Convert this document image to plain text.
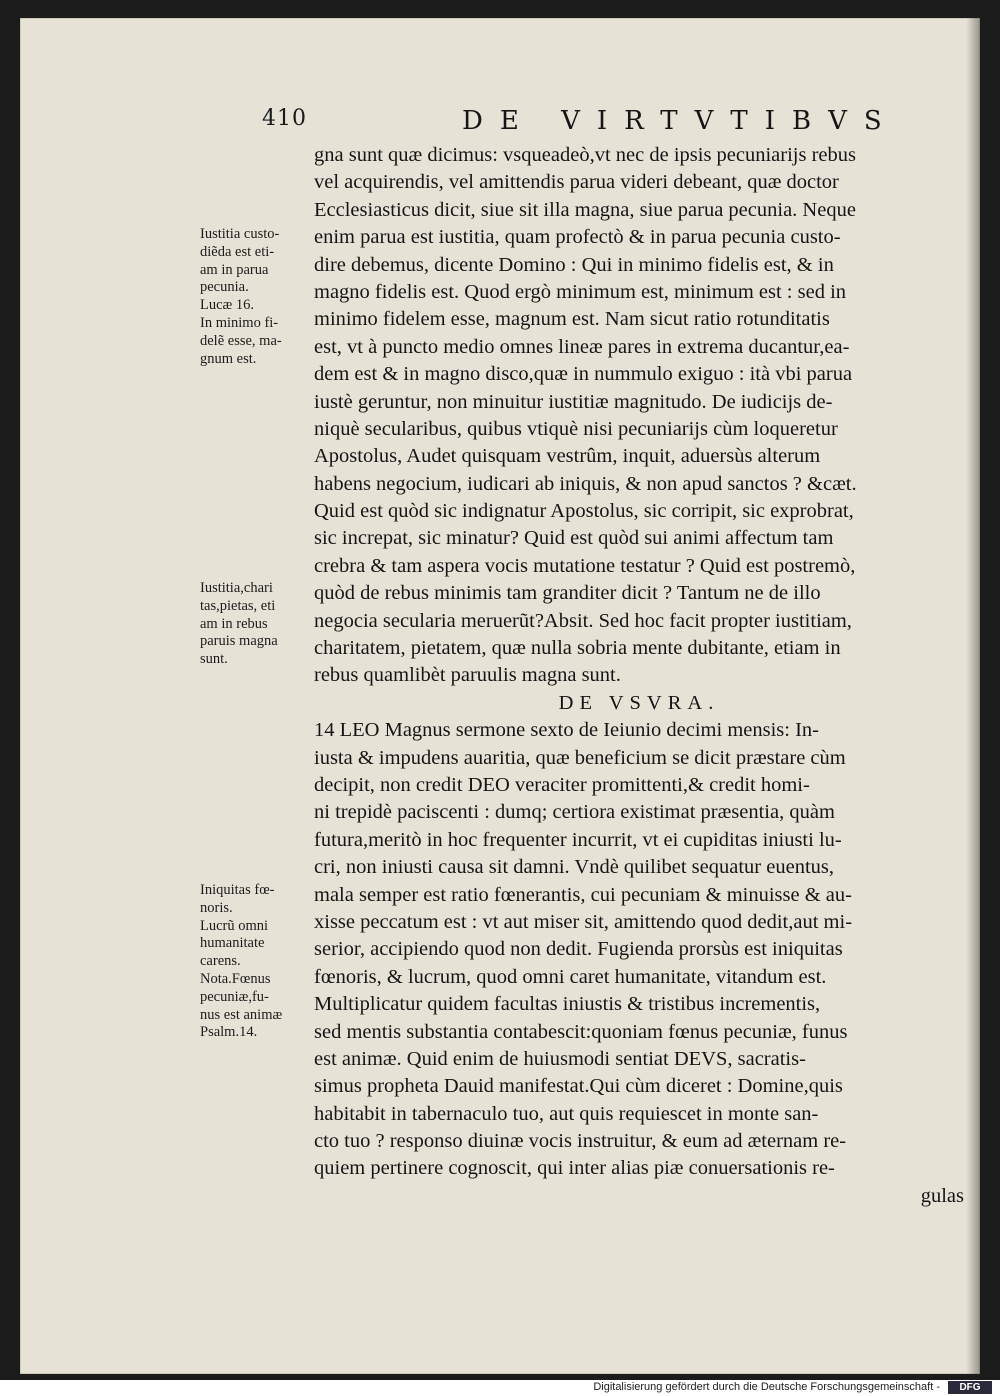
410	DE VIRTVTIBVS
gna sunt quæ dicimus: vsqueadeò,vt nec de ipsis pecuniarijs rebus
vel acquirendis, vel amittendis parua videri debeant, quæ doctor
Ecclesiasticus dicit, siue sit illa magna, siue parua pecunia. Neque
enim parua est iustitia, quam profectò & in parua pecunia custo-
dire debemus, dicente Domino : Qui in minimo fidelis est, & in
magno fidelis est. Quod ergò minimum est, minimum est : sed in
minimo fidelem esse, magnum est. Nam sicut ratio rotunditatis
est, vt à puncto medio omnes lineæ pares in extrema ducantur,ea-
dem est & in magno disco,quæ in nummulo exiguo : ità vbi parua
iustè geruntur, non minuitur iustitiæ magnitudo. De iudicijs de-
niquè secularibus, quibus vtiquè nisi pecuniarijs cùm loqueretur
Apostolus, Audet quisquam vestrûm, inquit, aduersùs alterum
habens negocium, iudicari ab iniquis, & non apud sanctos ? &cæt.
Quid est quòd sic indignatur Apostolus, sic corripit, sic exprobrat,
sic increpat, sic minatur? Quid est quòd sui animi affectum tam
crebra & tam aspera vocis mutatione testatur ? Quid est postremò,
quòd de rebus minimis tam granditer dicit ? Tantum ne de illo
negocia secularia meruerũt?Absit. Sed hoc facit propter iustitiam,
charitatem, pietatem, quæ nulla sobria mente dubitante, etiam in
rebus quamlibèt paruulis magna sunt.
DE VSVRA.
14 LEO Magnus sermone sexto de Ieiunio decimi mensis: In-
iusta & impudens auaritia, quæ beneficium se dicit præstare cùm
decipit, non credit DEO veraciter promittenti,& credit homi-
ni trepidè paciscenti : dumq; certiora existimat præsentia, quàm
futura,meritò in hoc frequenter incurrit, vt ei cupiditas iniusti lu-
cri, non iniusti causa sit damni. Vndè quilibet sequatur euentus,
mala semper est ratio fœnerantis, cui pecuniam & minuisse & au-
xisse peccatum est : vt aut miser sit, amittendo quod dedit,aut mi-
serior, accipiendo quod non dedit. Fugienda prorsùs est iniquitas
fœnoris, & lucrum, quod omni caret humanitate, vitandum est.
Multiplicatur quidem facultas iniustis & tristibus incrementis,
sed mentis substantia contabescit:quoniam fœnus pecuniæ, funus
est animæ. Quid enim de huiusmodi sentiat DEVS, sacratis-
simus propheta Dauid manifestat.Qui cùm diceret : Domine,quis
habitabit in tabernaculo tuo, aut quis requiescet in monte san-
cto tuo ? responso diuinæ vocis instruitur, & eum ad æternam re-
quiem pertinere cognoscit, qui inter alias piæ conuersationis re-
gulas
Iustitia custo-
diẽda est eti-
am in parua
pecunia.
Lucæ 16.
In minimo fi-
delẽ esse, ma-
gnum est.
Iustitia,chari
tas,pietas, eti
am in rebus
paruis magna
sunt.
Iniquitas fœ-
noris.
Lucrũ omni
humanitate
carens.
Nota.Fœnus
pecuniæ,fu-
nus est animæ
Psalm.14.
Digitalisierung gefördert durch die Deutsche Forschungsgemeinschaft -	DFG
